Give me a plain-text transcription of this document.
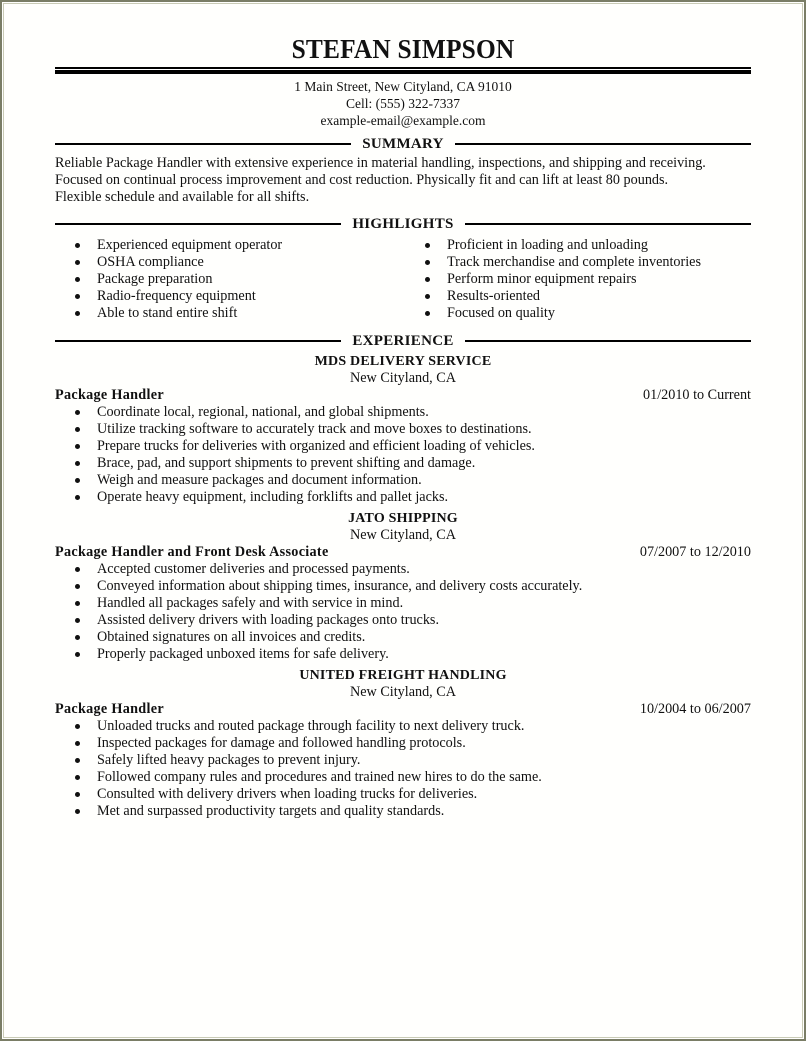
STEFAN SIMPSON
1 Main Street, New Cityland, CA 91010
Cell: (555) 322-7337
example-email@example.com
SUMMARY

Reliable Package Handler with extensive experience in material handling, inspections, and shipping and receiving.

Focused on continual process improvement and cost reduction. Physically fit and can lift at least 80 pounds.

Flexible schedule and available for all shifts.

HIGHLIGHTS
Experienced equipment operator
OSHA compliance
Package preparation
Radio-frequency equipment
Able to stand entire shift
Proficient in loading and unloading
Track merchandise and complete inventories
Perform minor equipment repairs
Results-oriented
Focused on quality
EXPERIENCE
MDS DELIVERY SERVICE
New Cityland, CA
Package Handler	01/2010 to Current
Coordinate local, regional, national, and global shipments.
Utilize tracking software to accurately track and move boxes to destinations.
Prepare trucks for deliveries with organized and efficient loading of vehicles.
Brace, pad, and support shipments to prevent shifting and damage.
Weigh and measure packages and document information.
Operate heavy equipment, including forklifts and pallet jacks.
JATO SHIPPING
New Cityland, CA
Package Handler and Front Desk Associate	07/2007 to 12/2010
Accepted customer deliveries and processed payments.
Conveyed information about shipping times, insurance, and delivery costs accurately.
Handled all packages safely and with service in mind.
Assisted delivery drivers with loading packages onto trucks.
Obtained signatures on all invoices and credits.
Properly packaged unboxed items for safe delivery.
UNITED FREIGHT HANDLING
New Cityland, CA
Package Handler	10/2004 to 06/2007
Unloaded trucks and routed package through facility to next delivery truck.
Inspected packages for damage and followed handling protocols.
Safely lifted heavy packages to prevent injury.
Followed company rules and procedures and trained new hires to do the same.
Consulted with delivery drivers when loading trucks for deliveries.
Met and surpassed productivity targets and quality standards.
